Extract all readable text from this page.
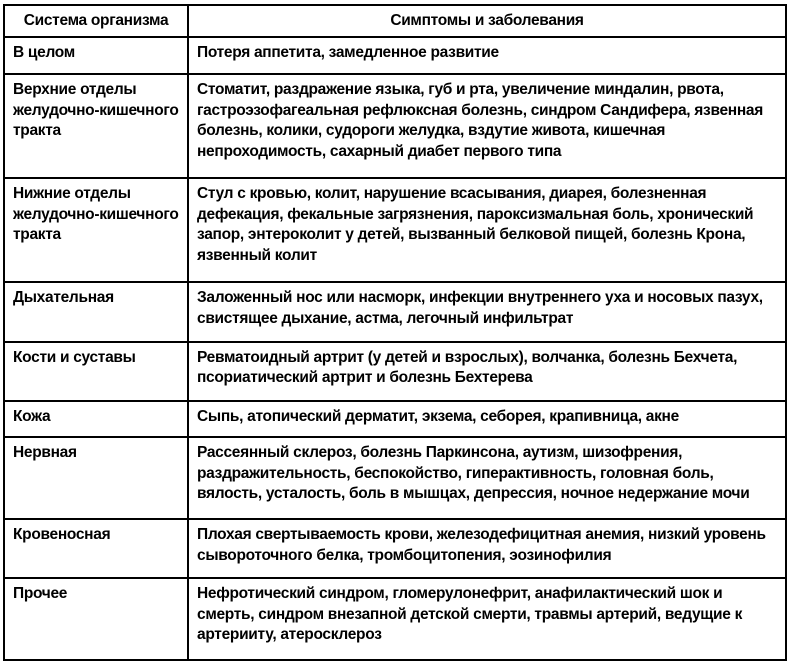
Система организма	Симптомы и заболевания
В целом	Потеря аппетита, замедленное развитие
Верхние отделы желудочно-кишечного тракта	Стоматит, раздражение языка, губ и рта, увеличение миндалин, рвота, гастроэзофагеальная рефлюксная болезнь, синдром Сандифера, язвенная болезнь, колики, судороги желудка, вздутие живота, кишечная непроходимость, сахарный диабет первого типа
Нижние отделы желудочно-кишечного тракта	Стул с кровью, колит, нарушение всасывания, диарея, болезненная дефекация, фекальные загрязнения, пароксизмальная боль, хронический запор, энтероколит у детей, вызванный белковой пищей, болезнь Крона, язвенный колит
Дыхательная	Заложенный нос или насморк, инфекции внутреннего уха и носовых пазух, свистящее дыхание, астма, легочный инфильтрат
Кости и суставы	Ревматоидный артрит (у детей и взрослых), волчанка, болезнь Бехчета, псориатический артрит и болезнь Бехтерева
Кожа	Сыпь, атопический дерматит, экзема, себорея, крапивница, акне
Нервная	Рассеянный склероз, болезнь Паркинсона, аутизм, шизофрения, раздражительность, беспокойство, гиперактивность, головная боль, вялость, усталость, боль в мышцах, депрессия, ночное недержание мочи
Кровеносная	Плохая свертываемость крови, железодефицитная анемия, низкий уровень сывороточного белка, тромбоцитопения, эозинофилия
Прочее	Нефротический синдром, гломерулонефрит, анафилактический шок и смерть, синдром внезапной детской смерти, травмы артерий, ведущие к артерииту, атеросклероз
